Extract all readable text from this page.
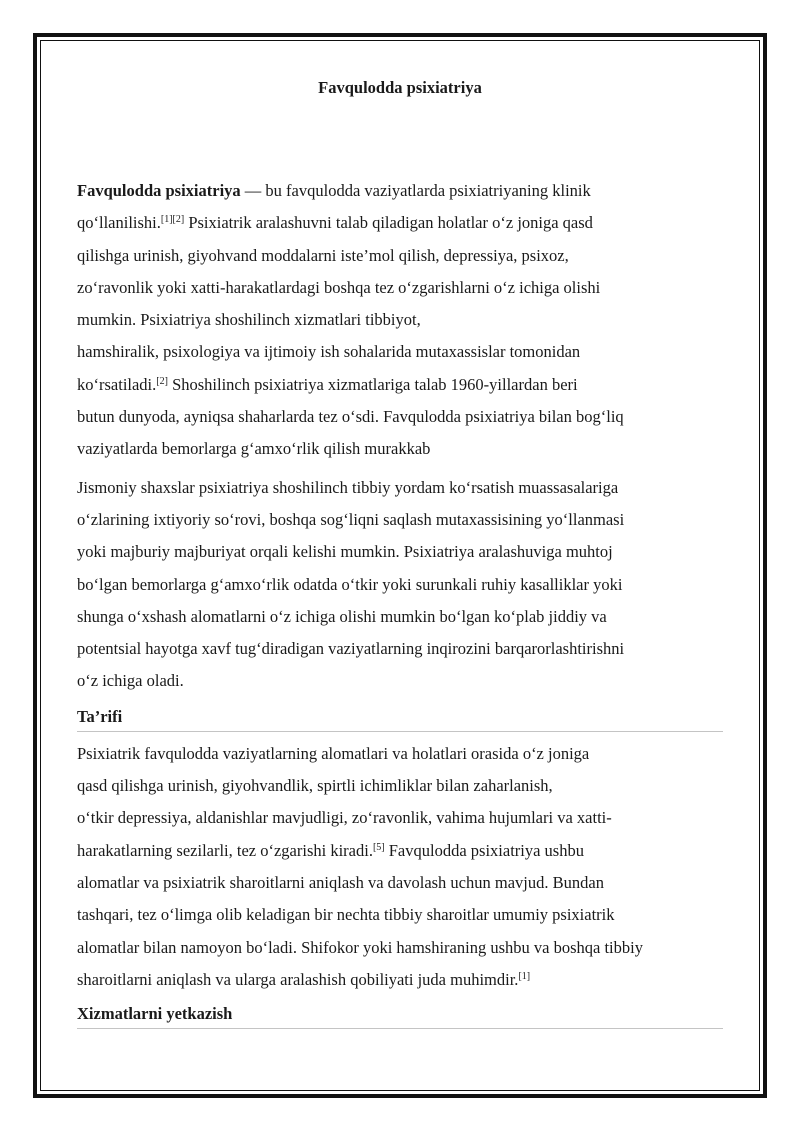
Favqulodda psixiatriya

Favqulodda psixiatriya — bu favqulodda vaziyatlarda psixiatriyaning klinik
qo‘llanilishi.[1][2] Psixiatrik aralashuvni talab qiladigan holatlar o‘z joniga qasd
qilishga urinish, giyohvand moddalarni iste’mol qilish, depressiya, psixoz,
zo‘ravonlik yoki xatti-harakatlardagi boshqa tez o‘zgarishlarni o‘z ichiga olishi
mumkin. Psixiatriya shoshilinch xizmatlari tibbiyot,
hamshiralik, psixologiya va ijtimoiy ish sohalarida mutaxassislar tomonidan
ko‘rsatiladi.[2] Shoshilinch psixiatriya xizmatlariga talab 1960-yillardan beri
butun dunyoda, ayniqsa shaharlarda tez o‘sdi. Favqulodda psixiatriya bilan bog‘liq
vaziyatlarda bemorlarga g‘amxo‘rlik qilish murakkab

Jismoniy shaxslar psixiatriya shoshilinch tibbiy yordam ko‘rsatish muassasalariga
o‘zlarining ixtiyoriy so‘rovi, boshqa sog‘liqni saqlash mutaxassisining yo‘llanmasi
yoki majburiy majburiyat orqali kelishi mumkin. Psixiatriya aralashuviga muhtoj
bo‘lgan bemorlarga g‘amxo‘rlik odatda o‘tkir yoki surunkali ruhiy kasalliklar yoki
shunga o‘xshash alomatlarni o‘z ichiga olishi mumkin bo‘lgan ko‘plab jiddiy va
potentsial hayotga xavf tug‘diradigan vaziyatlarning inqirozini barqarorlashtirishni
o‘z ichiga oladi.

Ta’rifi

Psixiatrik favqulodda vaziyatlarning alomatlari va holatlari orasida o‘z joniga
qasd qilishga urinish, giyohvandlik, spirtli ichimliklar bilan zaharlanish,
o‘tkir depressiya, aldanishlar mavjudligi, zo‘ravonlik, vahima hujumlari va xatti-
harakatlarning sezilarli, tez o‘zgarishi kiradi.[5] Favqulodda psixiatriya ushbu
alomatlar va psixiatrik sharoitlarni aniqlash va davolash uchun mavjud. Bundan
tashqari, tez o‘limga olib keladigan bir nechta tibbiy sharoitlar umumiy psixiatrik
alomatlar bilan namoyon bo‘ladi. Shifokor yoki hamshiraning ushbu va boshqa tibbiy
sharoitlarni aniqlash va ularga aralashish qobiliyati juda muhimdir.[1]

Xizmatlarni yetkazish
